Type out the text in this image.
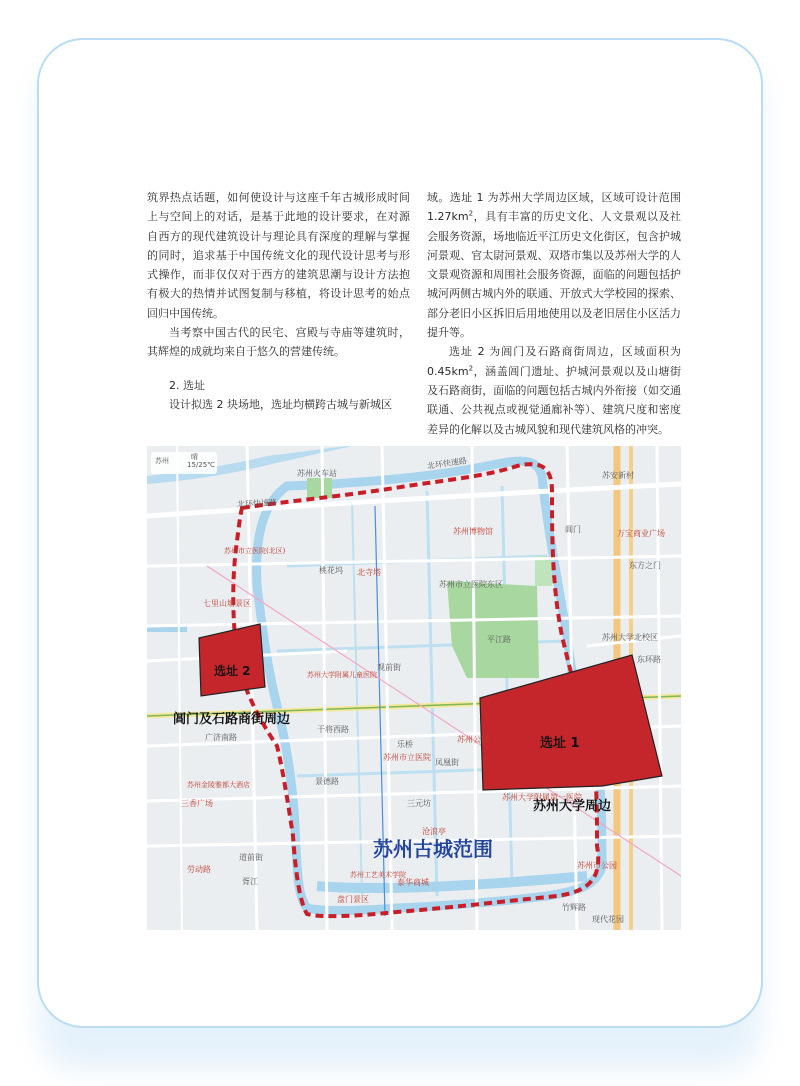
筑界热点话题，如何使设计与这座千年古城形成时间上与空间上的对话，是基于此地的设计要求，在对源自西方的现代建筑设计与理论具有深度的理解与掌握的同时，追求基于中国传统文化的现代设计思考与形式操作，而非仅仅对于西方的建筑思潮与设计方法抱有极大的热情并试图复制与移植，将设计思考的始点回归中国传统。

当考察中国古代的民宅、宫殿与寺庙等建筑时，其辉煌的成就均来自于悠久的营建传统。

2. 选址

设计拟选 2 块场地，选址均横跨古城与新城区

域。选址 1 为苏州大学周边区域，区域可设计范围 $1.27km^2$，具有丰富的历史文化、人文景观以及社会服务资源，场地临近平江历史文化街区，包含护城河景观、官太尉河景观、双塔市集以及苏州大学的人文景观资源和周围社会服务资源，面临的问题包括护城河两侧古城内外的联通、开放式大学校园的探索、部分老旧小区拆旧后用地使用以及老旧居住小区活力提升等。

选址 2 为阊门及石路商街周边，区域面积为 $0.45km^2$，涵盖阊门遗址、护城河景观以及山塘街及石路商街，面临的问题包括古城内外衔接（如交通联通、公共视点或视觉通廊补等）、建筑尺度和密度差异的化解以及古城风貌和现代建筑风格的冲突。

苏州	晴
15/25℃
苏州火车站
北环快速路
北环快速路
苏州博物馆
北寺塔
桃花坞
苏州市立医院(北区)
七里山塘景区
苏州市立医院东区
平江路
阊门
苏安新村
万宝商业广场
东方之门
苏州大学北校区
东环路
苏州大学附属儿童医院
观前街
干将西路
苏州公园
乐桥
苏州市立医院
凤凰街
景德路
广济南路
苏州金陵雅都大酒店
三香广场	三元坊
苏州大学附属第一医院
沧浪亭
道前街
劳动路
胥江
苏州工艺美术学院
泰华商城
盘门景区
苏州市公园
现代花园
竹辉路
选址 2
阊门及石路商街周边
选址 1
苏州大学周边
苏州古城范围
